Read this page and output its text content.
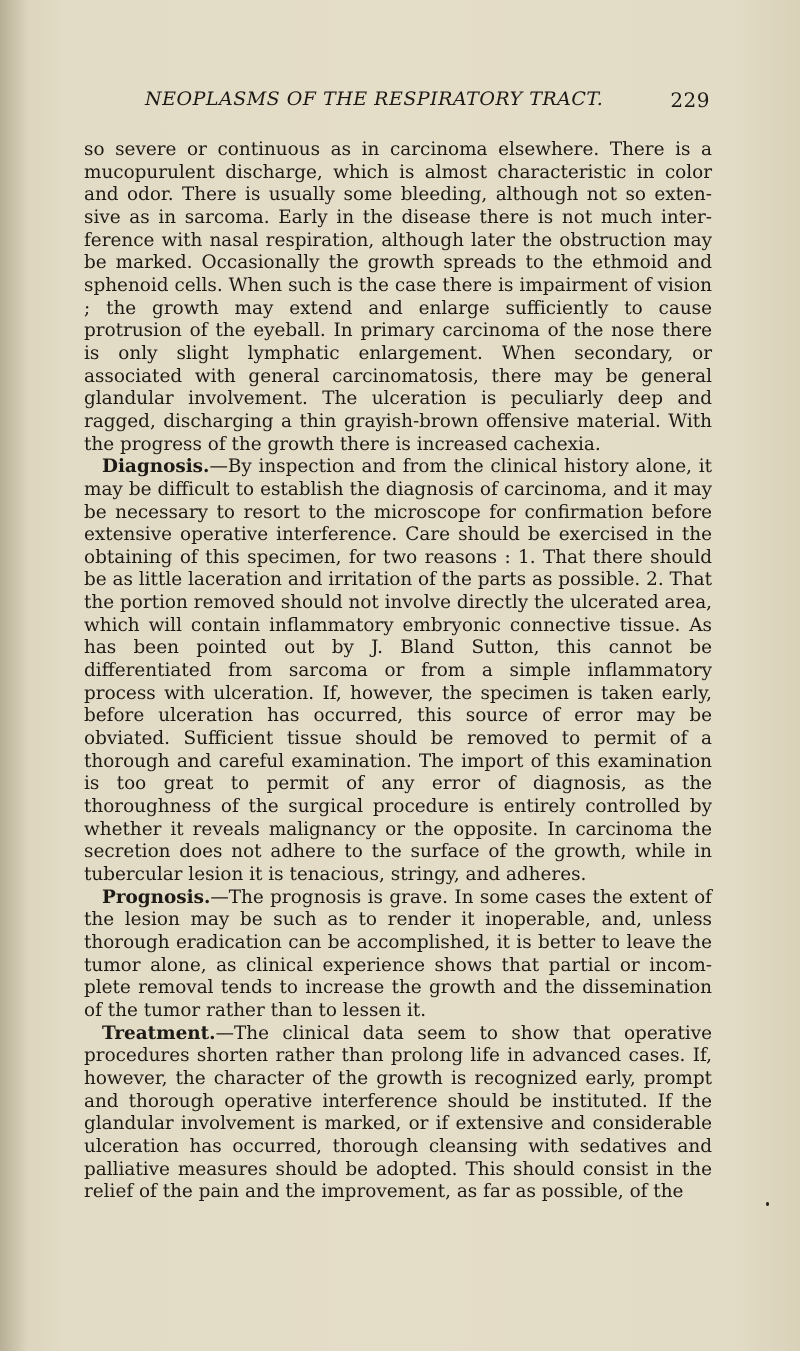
NEOPLASMS OF THE RESPIRATORY TRACT.	229

so severe or continuous as in carcinoma elsewhere. There is a mucopurulent discharge, which is almost characteristic in color and odor. There is usually some bleeding, although not so extensive as in sarcoma. Early in the disease there is not much interference with nasal respiration, although later the obstruction may be marked. Occasionally the growth spreads to the ethmoid and sphenoid cells. When such is the case there is impairment of vision ; the growth may extend and enlarge sufficiently to cause protrusion of the eyeball. In primary carcinoma of the nose there is only slight lymphatic enlargement. When secondary, or associated with general carcinomatosis, there may be general glandular involvement. The ulceration is peculiarly deep and ragged, discharging a thin grayish-brown offensive material. With the progress of the growth there is increased cachexia.

Diagnosis.—By inspection and from the clinical history alone, it may be difficult to establish the diagnosis of carcinoma, and it may be necessary to resort to the microscope for confirmation before extensive operative interference. Care should be exercised in the obtaining of this specimen, for two reasons : 1. That there should be as little laceration and irritation of the parts as possible. 2. That the portion removed should not involve directly the ulcerated area, which will contain inflammatory embryonic connective tissue. As has been pointed out by J. Bland Sutton, this cannot be differentiated from sarcoma or from a simple inflammatory process with ulceration. If, however, the specimen is taken early, before ulceration has occurred, this source of error may be obviated. Sufficient tissue should be removed to permit of a thorough and careful examination. The import of this examination is too great to permit of any error of diagnosis, as the thoroughness of the surgical procedure is entirely controlled by whether it reveals malignancy or the opposite. In carcinoma the secretion does not adhere to the surface of the growth, while in tubercular lesion it is tenacious, stringy, and adheres.

Prognosis.—The prognosis is grave. In some cases the extent of the lesion may be such as to render it inoperable, and, unless thorough eradication can be accomplished, it is better to leave the tumor alone, as clinical experience shows that partial or incomplete removal tends to increase the growth and the dissemination of the tumor rather than to lessen it.

Treatment.—The clinical data seem to show that operative procedures shorten rather than prolong life in advanced cases. If, however, the character of the growth is recognized early, prompt and thorough operative interference should be instituted. If the glandular involvement is marked, or if extensive and considerable ulceration has occurred, thorough cleansing with sedatives and palliative measures should be adopted. This should consist in the relief of the pain and the improvement, as far as possible, of the
